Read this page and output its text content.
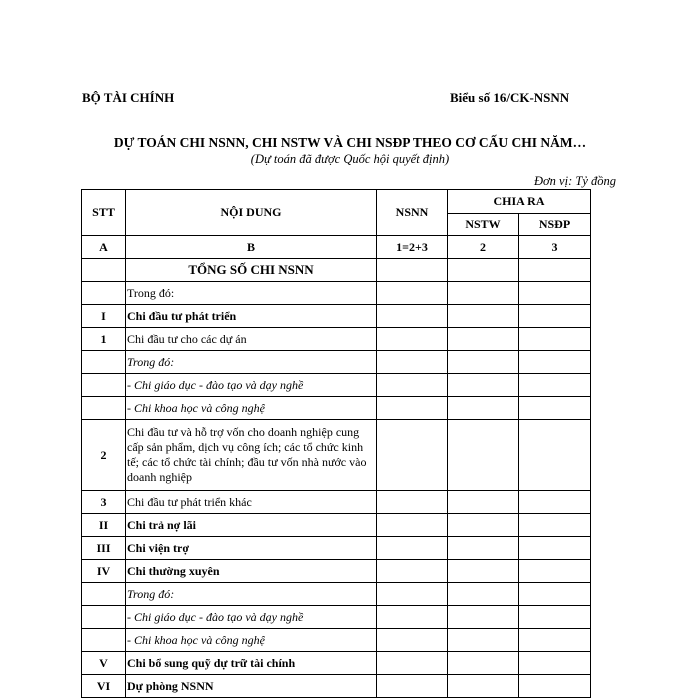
BỘ TÀI CHÍNH	Biểu số 16/CK-NSNN
DỰ TOÁN CHI NSNN, CHI NSTW VÀ CHI NSĐP THEO CƠ CẤU CHI NĂM…
(Dự toán đã được Quốc hội quyết định)
Đơn vị: Tỷ đồng
STT	NỘI DUNG	NSNN	CHIA RA	
			NSTW	NSĐP
A	B	1=2+3	2	3
	TỔNG SỐ CHI NSNN			
	Trong đó:			
I	Chi đầu tư phát triển			
1	Chi đầu tư cho các dự án			
	Trong đó:			
	- Chi giáo dục - đào tạo và dạy nghề			
	- Chi khoa học và công nghệ			
2	Chi đầu tư và hỗ trợ vốn cho doanh nghiệp cung cấp sản phẩm, dịch vụ công ích; các tổ chức kinh tế; các tổ chức tài chính; đầu tư vốn nhà nước vào doanh nghiệp			
3	Chi đầu tư phát triển khác			
II	Chi trả nợ lãi			
III	Chi viện trợ			
IV	Chi thường xuyên			
	Trong đó:			
	- Chi giáo dục - đào tạo và dạy nghề			
	- Chi khoa học và công nghệ			
V	Chi bổ sung quỹ dự trữ tài chính			
VI	Dự phòng NSNN			
